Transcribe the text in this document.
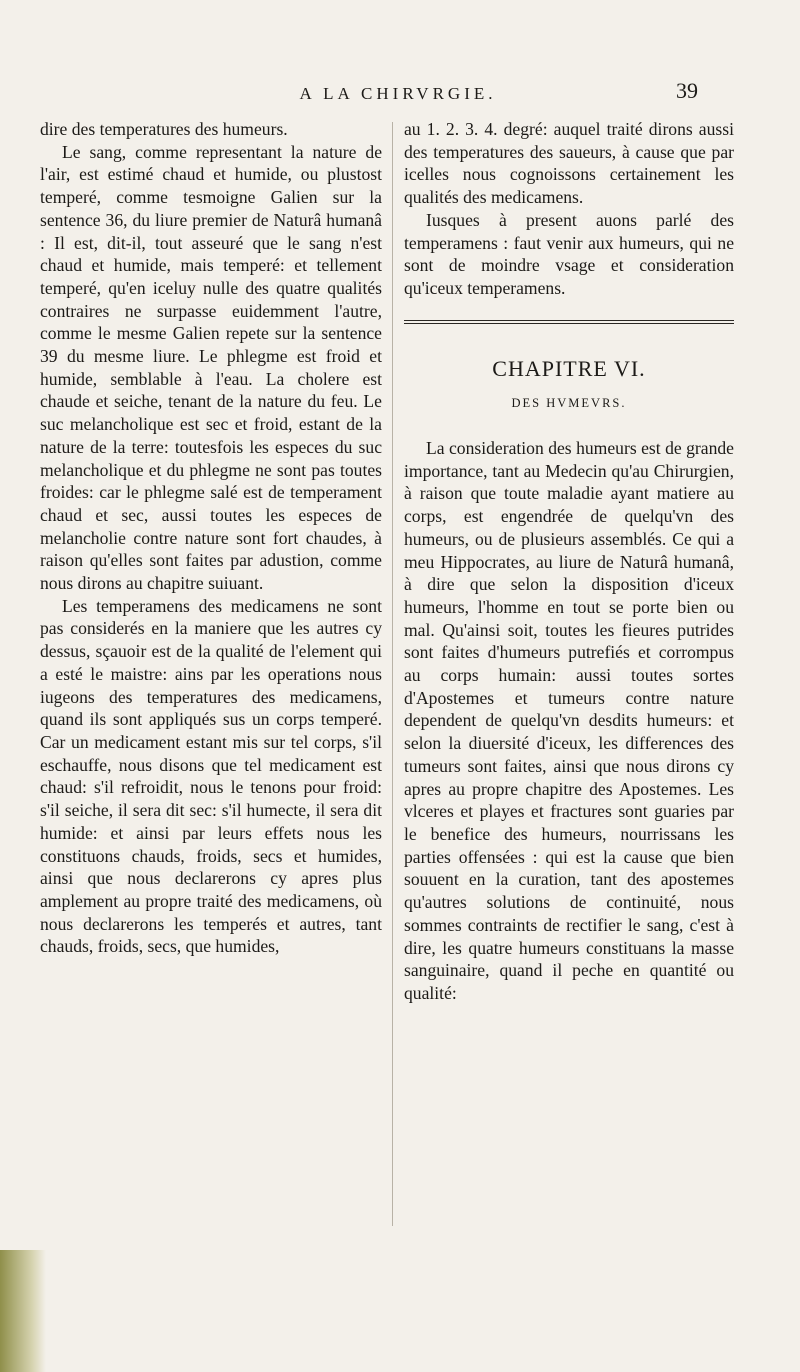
A LA CHIRVRGIE.	39

dire des temperatures des humeurs.

Le sang, comme representant la nature de l'air, est estimé chaud et humide, ou plustost temperé, comme tesmoigne Galien sur la sentence 36, du liure premier de Naturâ humanâ : Il est, dit-il, tout asseuré que le sang n'est chaud et humide, mais temperé: et tellement temperé, qu'en iceluy nulle des quatre qualités contraires ne surpasse euidemment l'autre, comme le mesme Galien repete sur la sentence 39 du mesme liure. Le phlegme est froid et humide, semblable à l'eau. La cholere est chaude et seiche, tenant de la nature du feu. Le suc melancholique est sec et froid, estant de la nature de la terre: toutesfois les especes du suc melancholique et du phlegme ne sont pas toutes froides: car le phlegme salé est de temperament chaud et sec, aussi toutes les especes de melancholie contre nature sont fort chaudes, à raison qu'elles sont faites par adustion, comme nous dirons au chapitre suiuant.

Les temperamens des medicamens ne sont pas considerés en la maniere que les autres cy dessus, sçauoir est de la qualité de l'element qui a esté le maistre: ains par les operations nous iugeons des temperatures des medicamens, quand ils sont appliqués sus un corps temperé. Car un medicament estant mis sur tel corps, s'il eschauffe, nous disons que tel medicament est chaud: s'il refroidit, nous le tenons pour froid: s'il seiche, il sera dit sec: s'il humecte, il sera dit humide: et ainsi par leurs effets nous les constituons chauds, froids, secs et humides, ainsi que nous declarerons cy apres plus amplement au propre traité des medicamens, où nous declarerons les temperés et autres, tant chauds, froids, secs, que humides,

au 1. 2. 3. 4. degré: auquel traité dirons aussi des temperatures des saueurs, à cause que par icelles nous cognoissons certainement les qualités des medicamens.

Iusques à present auons parlé des temperamens : faut venir aux humeurs, qui ne sont de moindre vsage et consideration qu'iceux temperamens.

CHAPITRE VI.
DES HVMEVRS.

La consideration des humeurs est de grande importance, tant au Medecin qu'au Chirurgien, à raison que toute maladie ayant matiere au corps, est engendrée de quelqu'vn des humeurs, ou de plusieurs assemblés. Ce qui a meu Hippocrates, au liure de Naturâ humanâ, à dire que selon la disposition d'iceux humeurs, l'homme en tout se porte bien ou mal. Qu'ainsi soit, toutes les fieures putrides sont faites d'humeurs putrefiés et corrompus au corps humain: aussi toutes sortes d'Apostemes et tumeurs contre nature dependent de quelqu'vn desdits humeurs: et selon la diuersité d'iceux, les differences des tumeurs sont faites, ainsi que nous dirons cy apres au propre chapitre des Apostemes. Les vlceres et playes et fractures sont guaries par le benefice des humeurs, nourrissans les parties offensées : qui est la cause que bien souuent en la curation, tant des apostemes qu'autres solutions de continuité, nous sommes contraints de rectifier le sang, c'est à dire, les quatre humeurs constituans la masse sanguinaire, quand il peche en quantité ou qualité:
